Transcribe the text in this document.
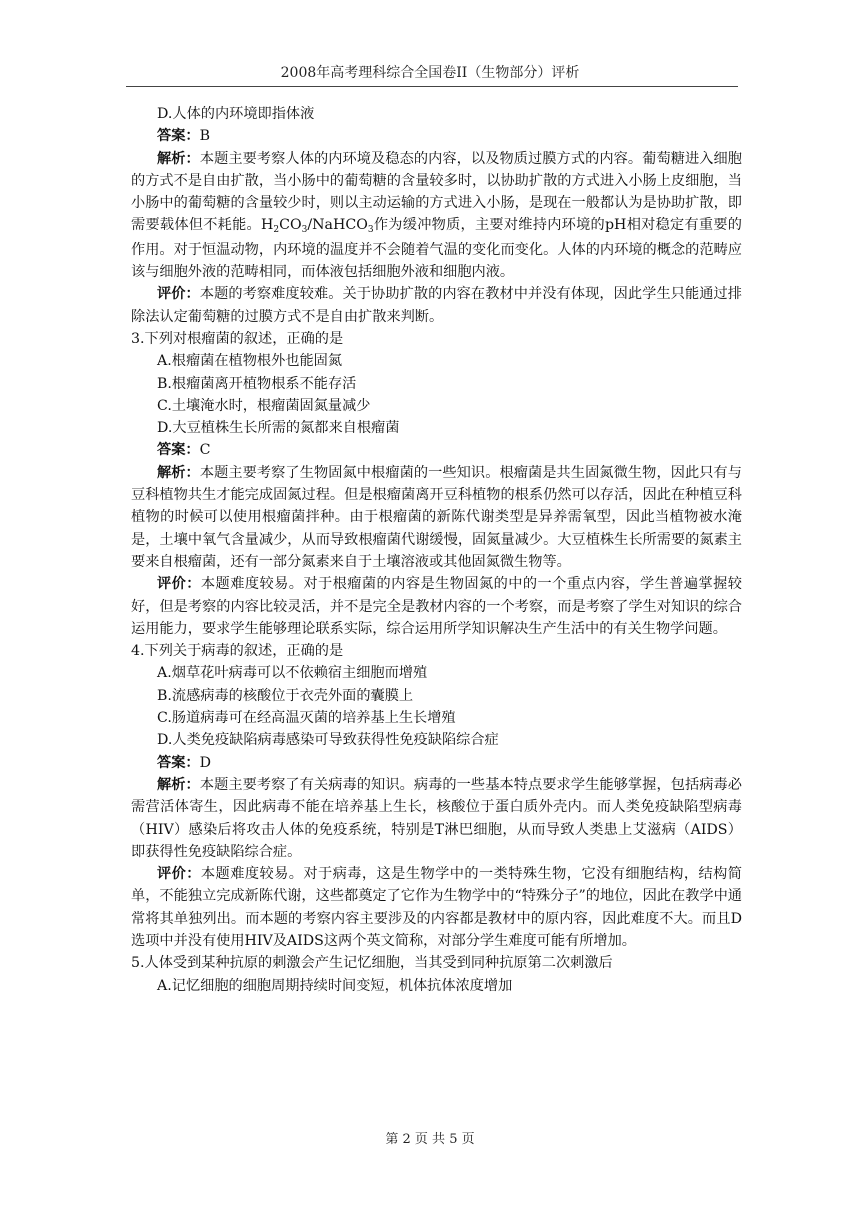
2008年高考理科综合全国卷II（生物部分）评析

D.人体的内环境即指体液

答案：B

解析：本题主要考察人体的内环境及稳态的内容，以及物质过膜方式的内容。葡萄糖进入细胞的方式不是自由扩散，当小肠中的葡萄糖的含量较多时，以协助扩散的方式进入小肠上皮细胞，当小肠中的葡萄糖的含量较少时，则以主动运输的方式进入小肠，是现在一般都认为是协助扩散，即需要载体但不耗能。$H_2CO_3/NaHCO_3$作为缓冲物质，主要对维持内环境的pH相对稳定有重要的作用。对于恒温动物，内环境的温度并不会随着气温的变化而变化。人体的内环境的概念的范畴应该与细胞外液的范畴相同，而体液包括细胞外液和细胞内液。

评价：本题的考察难度较难。关于协助扩散的内容在教材中并没有体现，因此学生只能通过排除法认定葡萄糖的过膜方式不是自由扩散来判断。

3.下列对根瘤菌的叙述，正确的是

A.根瘤菌在植物根外也能固氮

B.根瘤菌离开植物根系不能存活

C.土壤淹水时，根瘤菌固氮量减少

D.大豆植株生长所需的氮都来自根瘤菌

答案：C

解析：本题主要考察了生物固氮中根瘤菌的一些知识。根瘤菌是共生固氮微生物，因此只有与豆科植物共生才能完成固氮过程。但是根瘤菌离开豆科植物的根系仍然可以存活，因此在种植豆科植物的时候可以使用根瘤菌拌种。由于根瘤菌的新陈代谢类型是异养需氧型，因此当植物被水淹是，土壤中氧气含量减少，从而导致根瘤菌代谢缓慢，固氮量减少。大豆植株生长所需要的氮素主要来自根瘤菌，还有一部分氮素来自于土壤溶液或其他固氮微生物等。

评价：本题难度较易。对于根瘤菌的内容是生物固氮的中的一个重点内容，学生普遍掌握较好，但是考察的内容比较灵活，并不是完全是教材内容的一个考察，而是考察了学生对知识的综合运用能力，要求学生能够理论联系实际，综合运用所学知识解决生产生活中的有关生物学问题。

4.下列关于病毒的叙述，正确的是

A.烟草花叶病毒可以不依赖宿主细胞而增殖

B.流感病毒的核酸位于衣壳外面的囊膜上

C.肠道病毒可在经高温灭菌的培养基上生长增殖

D.人类免疫缺陷病毒感染可导致获得性免疫缺陷综合症

答案：D

解析：本题主要考察了有关病毒的知识。病毒的一些基本特点要求学生能够掌握，包括病毒必需营活体寄生，因此病毒不能在培养基上生长，核酸位于蛋白质外壳内。而人类免疫缺陷型病毒（HIV）感染后将攻击人体的免疫系统，特别是T淋巴细胞，从而导致人类患上艾滋病（AIDS）即获得性免疫缺陷综合症。

评价：本题难度较易。对于病毒，这是生物学中的一类特殊生物，它没有细胞结构，结构简单，不能独立完成新陈代谢，这些都奠定了它作为生物学中的“特殊分子”的地位，因此在教学中通常将其单独列出。而本题的考察内容主要涉及的内容都是教材中的原内容，因此难度不大。而且D选项中并没有使用HIV及AIDS这两个英文简称，对部分学生难度可能有所增加。

5.人体受到某种抗原的刺激会产生记忆细胞，当其受到同种抗原第二次刺激后

A.记忆细胞的细胞周期持续时间变短，机体抗体浓度增加

第 2 页 共 5 页
